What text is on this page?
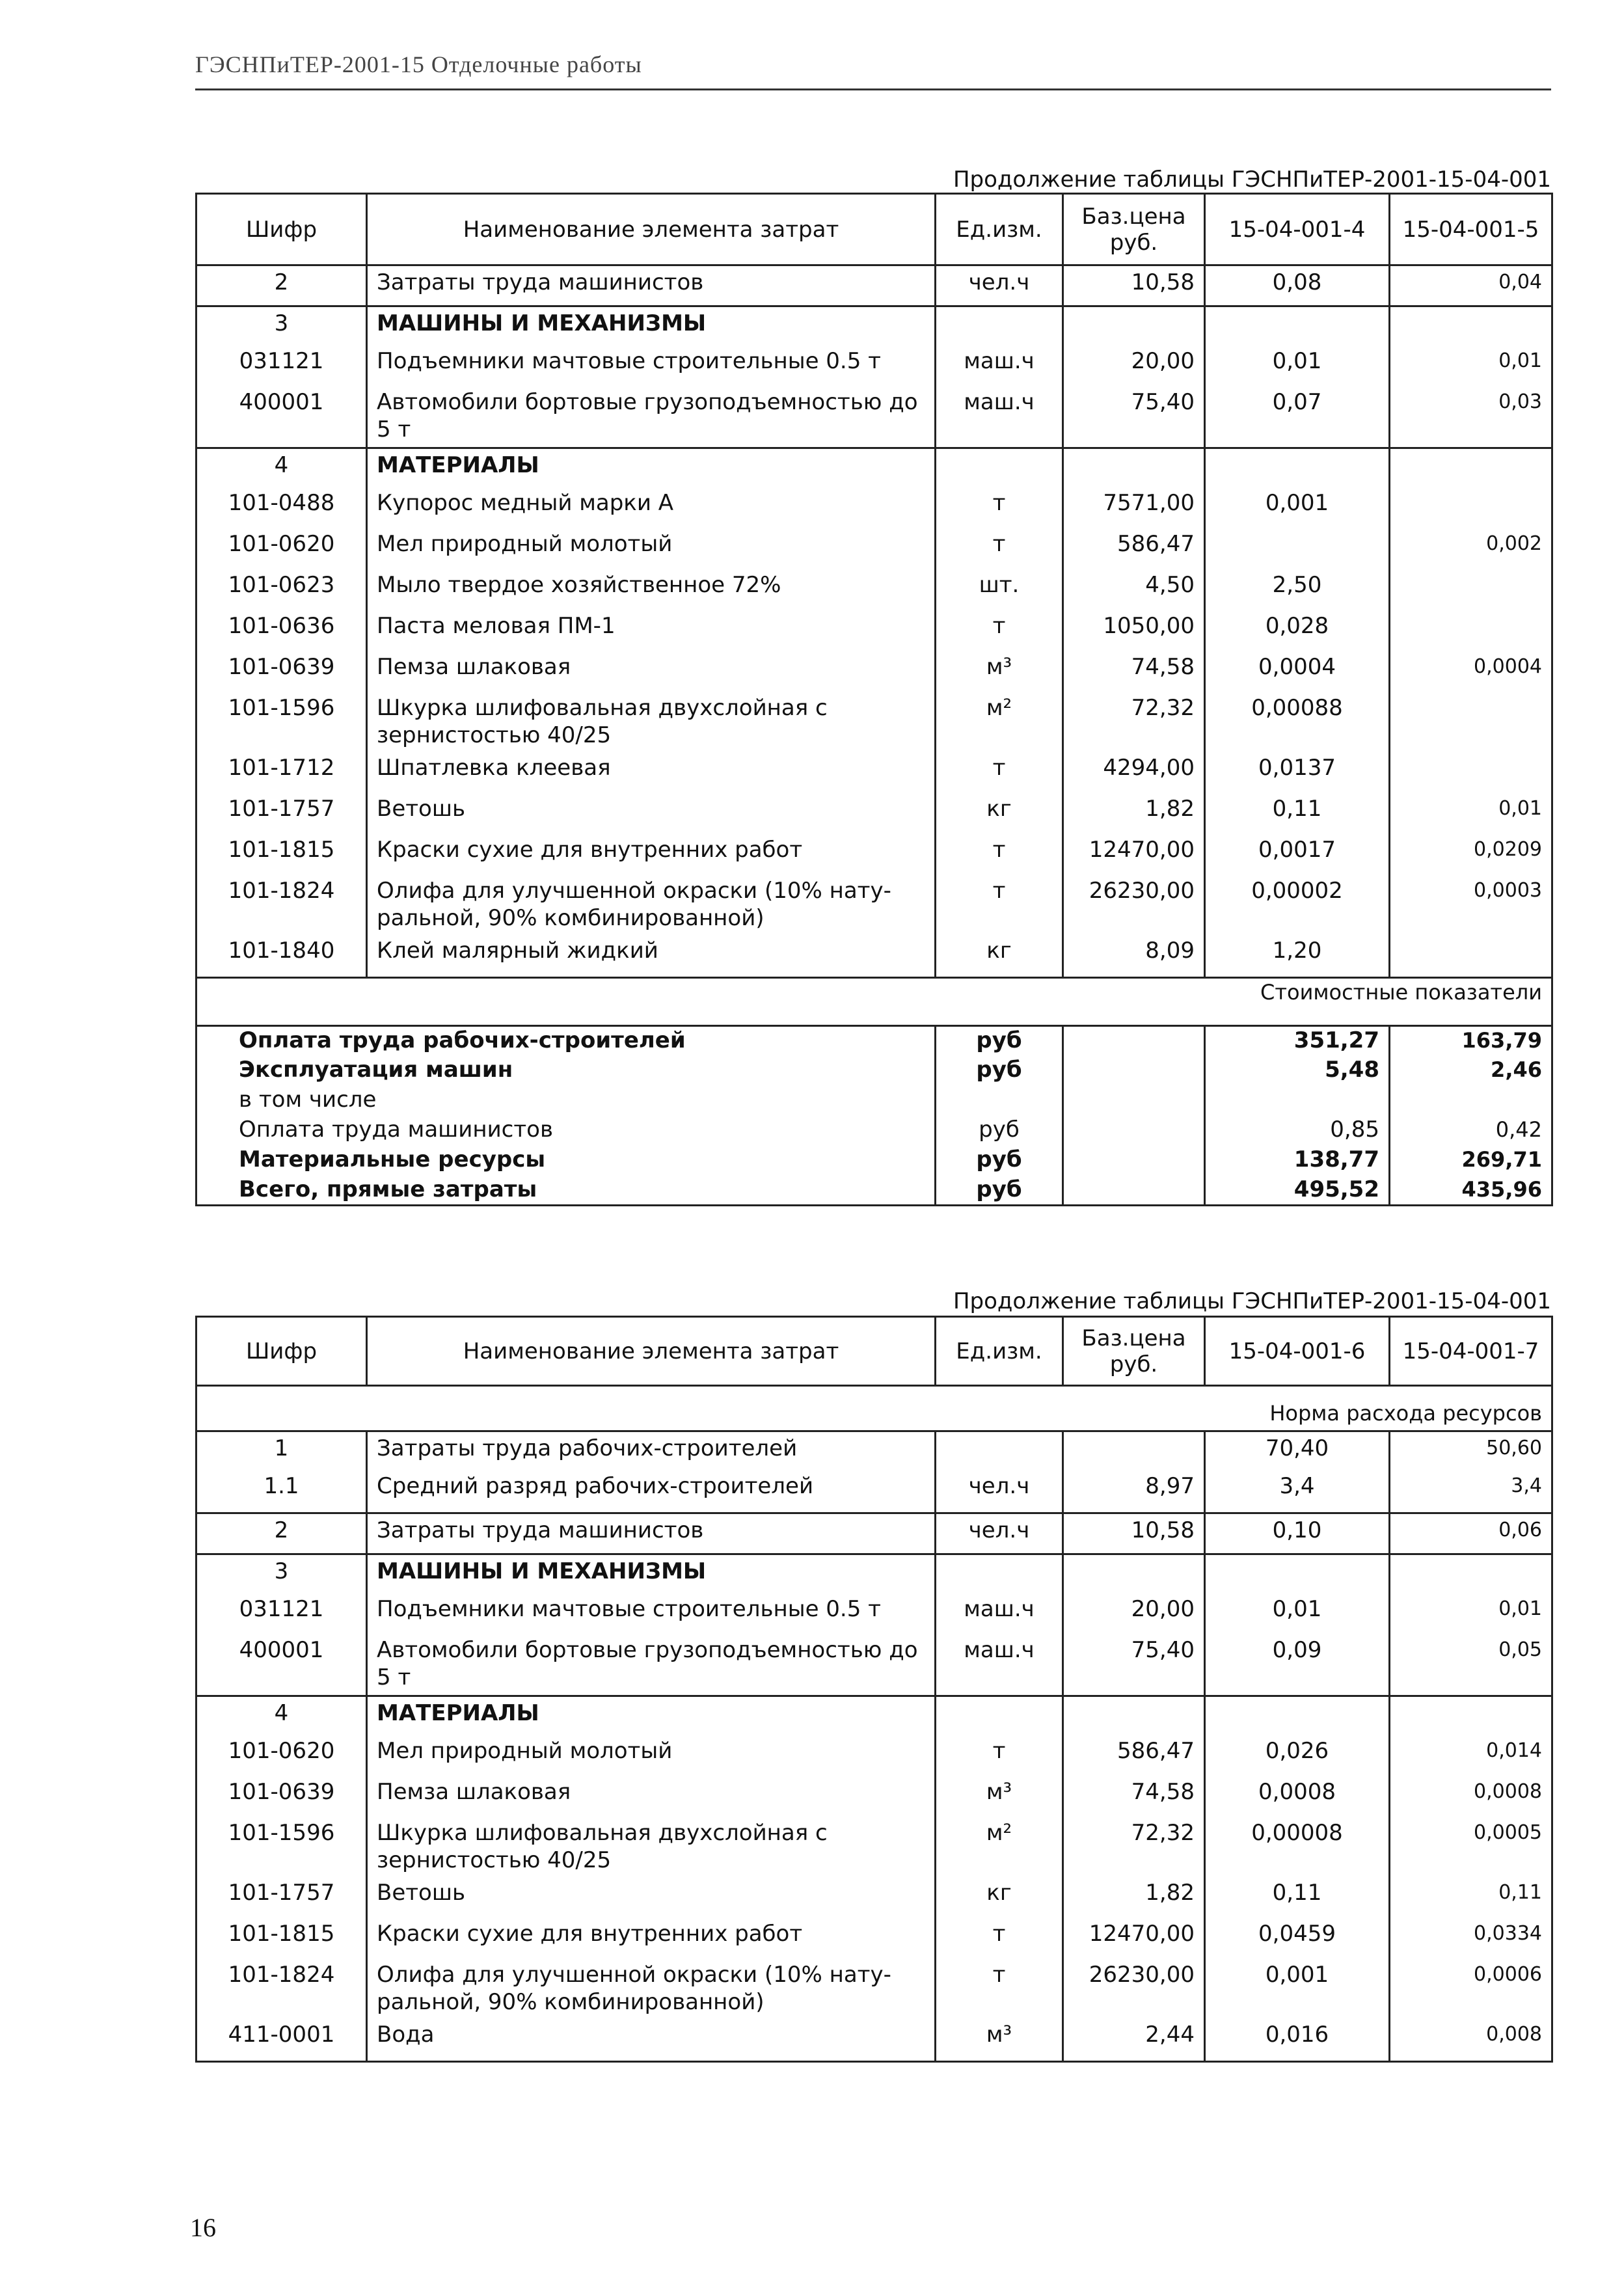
ГЭСНПиТЕР-2001-15 Отделочные работы
Продолжение таблицы ГЭСНПиТЕР-2001-15-04-001
Шифр	Наименование элемента затрат	Ед.изм.	Баз.цена руб.	15-04-001-4	15-04-001-5
2	Затраты труда машинистов	чел.ч	10,58	0,08	0,04
3	МАШИНЫ И МЕХАНИЗМЫ				
031121	Подъемники мачтовые строительные 0.5 т	маш.ч	20,00	0,01	0,01
400001	Автомобили бортовые грузоподъемностью до 5 т	маш.ч	75,40	0,07	0,03
4	МАТЕРИАЛЫ				
101-0488	Купорос медный марки А	т	7571,00	0,001	
101-0620	Мел природный молотый	т	586,47		0,002
101-0623	Мыло твердое хозяйственное 72%	шт.	4,50	2,50	
101-0636	Паста меловая ПМ-1	т	1050,00	0,028	
101-0639	Пемза шлаковая	м³	74,58	0,0004	0,0004
101-1596	Шкурка шлифовальная двухслойная с зернистостью 40/25	м²	72,32	0,00088	
101-1712	Шпатлевка клеевая	т	4294,00	0,0137	
101-1757	Ветошь	кг	1,82	0,11	0,01
101-1815	Краски сухие для внутренних работ	т	12470,00	0,0017	0,0209
101-1824	Олифа для улучшенной окраски (10% нату-ральной, 90% комбинированной)	т	26230,00	0,00002	0,0003
101-1840	Клей малярный жидкий	кг	8,09	1,20	
Стоимостные показатели					
Оплата труда рабочих-строителей		руб		351,27	163,79
Эксплуатация машин		руб		5,48	2,46
в том числе					
Оплата труда машинистов		руб		0,85	0,42
Материальные ресурсы		руб		138,77	269,71
Всего, прямые затраты		руб		495,52	435,96
Продолжение таблицы ГЭСНПиТЕР-2001-15-04-001
Шифр	Наименование элемента затрат	Ед.изм.	Баз.цена руб.	15-04-001-6	15-04-001-7
Норма расхода ресурсов					
1	Затраты труда рабочих-строителей			70,40	50,60
1.1	Средний разряд рабочих-строителей	чел.ч	8,97	3,4	3,4
2	Затраты труда машинистов	чел.ч	10,58	0,10	0,06
3	МАШИНЫ И МЕХАНИЗМЫ				
031121	Подъемники мачтовые строительные 0.5 т	маш.ч	20,00	0,01	0,01
400001	Автомобили бортовые грузоподъемностью до 5 т	маш.ч	75,40	0,09	0,05
4	МАТЕРИАЛЫ				
101-0620	Мел природный молотый	т	586,47	0,026	0,014
101-0639	Пемза шлаковая	м³	74,58	0,0008	0,0008
101-1596	Шкурка шлифовальная двухслойная с зернистостью 40/25	м²	72,32	0,00008	0,0005
101-1757	Ветошь	кг	1,82	0,11	0,11
101-1815	Краски сухие для внутренних работ	т	12470,00	0,0459	0,0334
101-1824	Олифа для улучшенной окраски (10% нату-ральной, 90% комбинированной)	т	26230,00	0,001	0,0006
411-0001	Вода	м³	2,44	0,016	0,008
16
